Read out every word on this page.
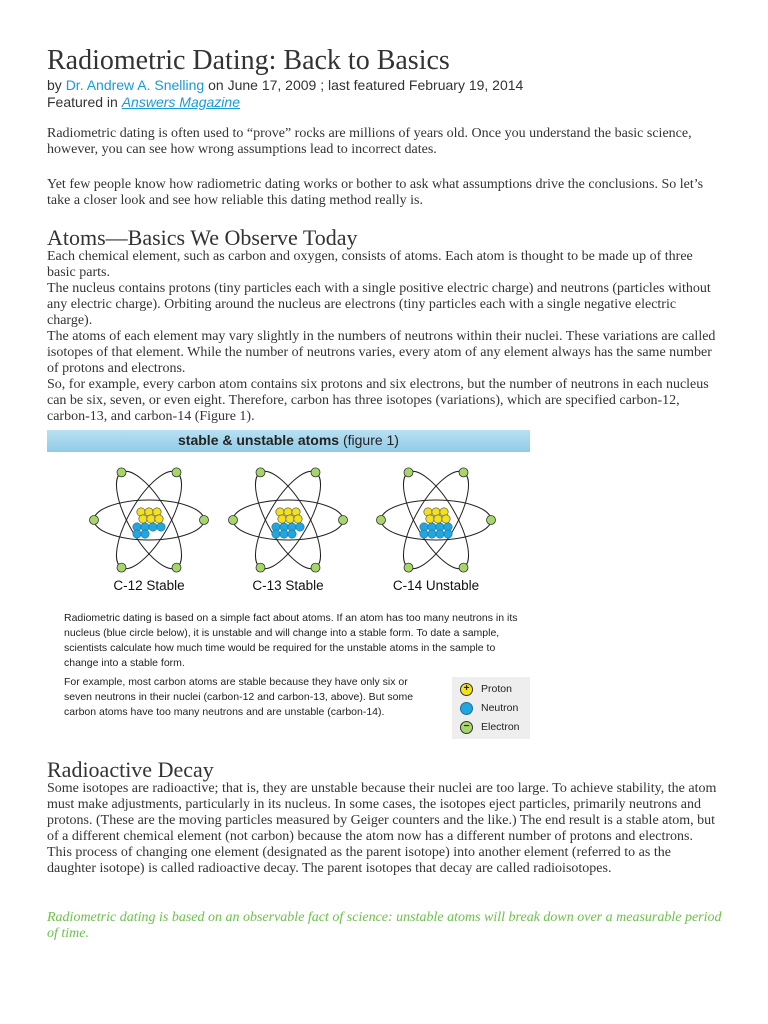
Radiometric Dating: Back to Basics
by Dr. Andrew A. Snelling on June 17, 2009 ; last featured February 19, 2014
Featured in Answers Magazine

Radiometric dating is often used to “prove” rocks are millions of years old. Once you understand the basic science, however, you can see how wrong assumptions lead to incorrect dates.

Yet few people know how radiometric dating works or bother to ask what assumptions drive the conclusions. So let’s take a closer look and see how reliable this dating method really is.

Atoms—Basics We Observe Today

Each chemical element, such as carbon and oxygen, consists of atoms. Each atom is thought to be made up of three basic parts.

The nucleus contains protons (tiny particles each with a single positive electric charge) and neutrons (particles without any electric charge). Orbiting around the nucleus are electrons (tiny particles each with a single negative electric charge).

The atoms of each element may vary slightly in the numbers of neutrons within their nuclei. These variations are called isotopes of that element. While the number of neutrons varies, every atom of any element always has the same number of protons and electrons.

So, for example, every carbon atom contains six protons and six electrons, but the number of neutrons in each nucleus can be six, seven, or even eight. Therefore, carbon has three isotopes (variations), which are specified carbon-12, carbon-13, and carbon-14 (Figure 1).

stable & unstable atoms (figure 1)
C-12 Stable	C-13 Stable	C-14 Unstable
Radiometric dating is based on a simple fact about atoms. If an atom has too many neutrons in its nucleus (blue circle below), it is unstable and will change into a stable form. To date a sample, scientists calculate how much time would be required for the unstable atoms in the sample to change into a stable form.
For example, most carbon atoms are stable because they have only six or seven neutrons in their nuclei (carbon-12 and carbon-13, above). But some carbon atoms have too many neutrons and are unstable (carbon-14).
+	Proton
Neutron
−	Electron
Radioactive Decay

Some isotopes are radioactive; that is, they are unstable because their nuclei are too large. To achieve stability, the atom must make adjustments, particularly in its nucleus. In some cases, the isotopes eject particles, primarily neutrons and protons. (These are the moving particles measured by Geiger counters and the like.) The end result is a stable atom, but of a different chemical element (not carbon) because the atom now has a different number of protons and electrons.

This process of changing one element (designated as the parent isotope) into another element (referred to as the daughter isotope) is called radioactive decay. The parent isotopes that decay are called radioisotopes.

Radiometric dating is based on an observable fact of science: unstable atoms will break down over a measurable period of time.
